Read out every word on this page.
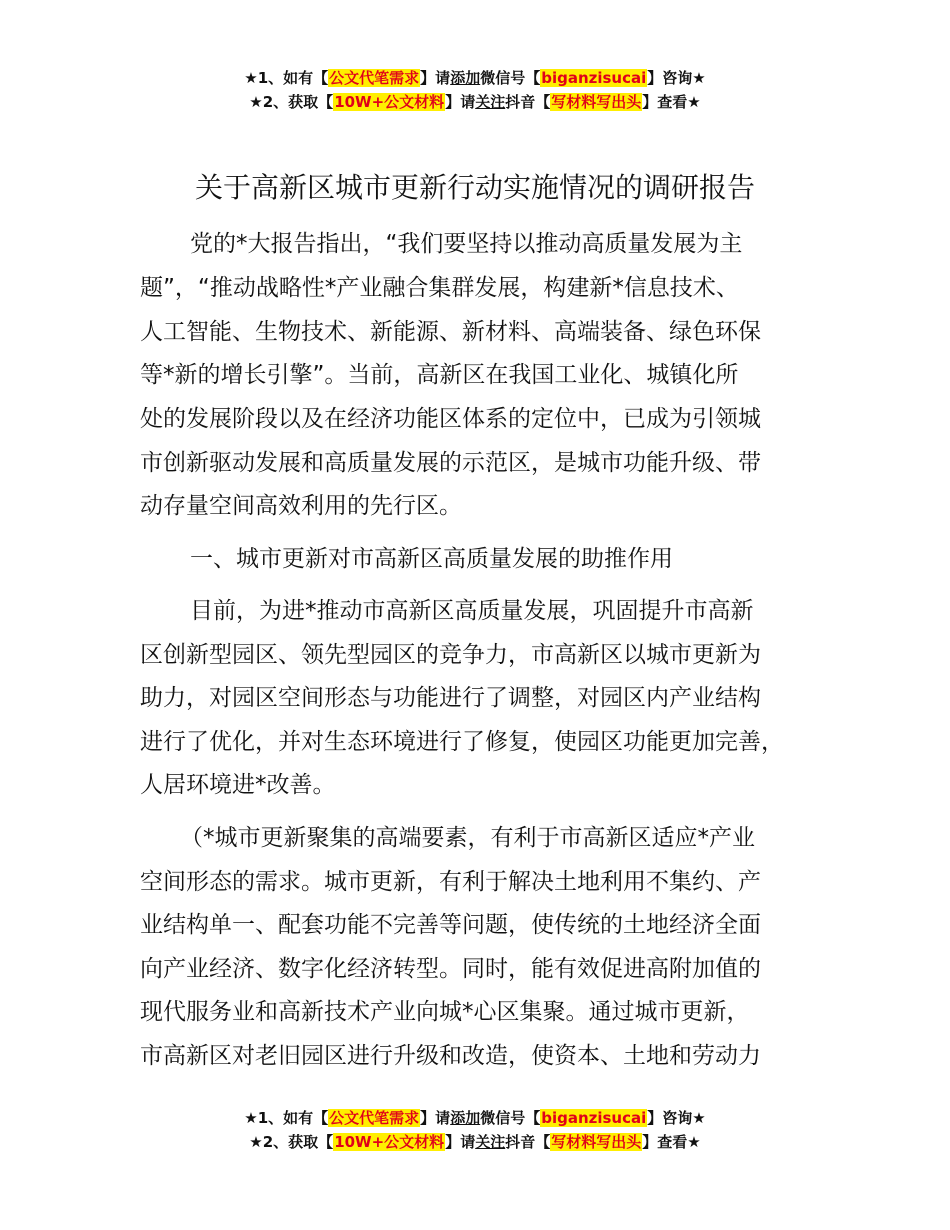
★1、如有【公文代笔需求】请添加微信号【biganzisucai】咨询★
★2、获取【10W+公文材料】请关注抖音【写材料写出头】查看★
关于高新区城市更新行动实施情况的调研报告
党的*大报告指出，“我们要坚持以推动高质量发展为主
题”，“推动战略性*产业融合集群发展，构建新*信息技术、
人工智能、生物技术、新能源、新材料、高端装备、绿色环保
等*新的增长引擎”。当前，高新区在我国工业化、城镇化所
处的发展阶段以及在经济功能区体系的定位中，已成为引领城
市创新驱动发展和高质量发展的示范区，是城市功能升级、带
动存量空间高效利用的先行区。
一、城市更新对市高新区高质量发展的助推作用
目前，为进*推动市高新区高质量发展，巩固提升市高新
区创新型园区、领先型园区的竞争力，市高新区以城市更新为
助力，对园区空间形态与功能进行了调整，对园区内产业结构
进行了优化，并对生态环境进行了修复，使园区功能更加完善，
人居环境进*改善。
（*城市更新聚集的高端要素，有利于市高新区适应*产业
空间形态的需求。城市更新，有利于解决土地利用不集约、产
业结构单一、配套功能不完善等问题，使传统的土地经济全面
向产业经济、数字化经济转型。同时，能有效促进高附加值的
现代服务业和高新技术产业向城*心区集聚。通过城市更新，
市高新区对老旧园区进行升级和改造，使资本、土地和劳动力
★1、如有【公文代笔需求】请添加微信号【biganzisucai】咨询★
★2、获取【10W+公文材料】请关注抖音【写材料写出头】查看★
